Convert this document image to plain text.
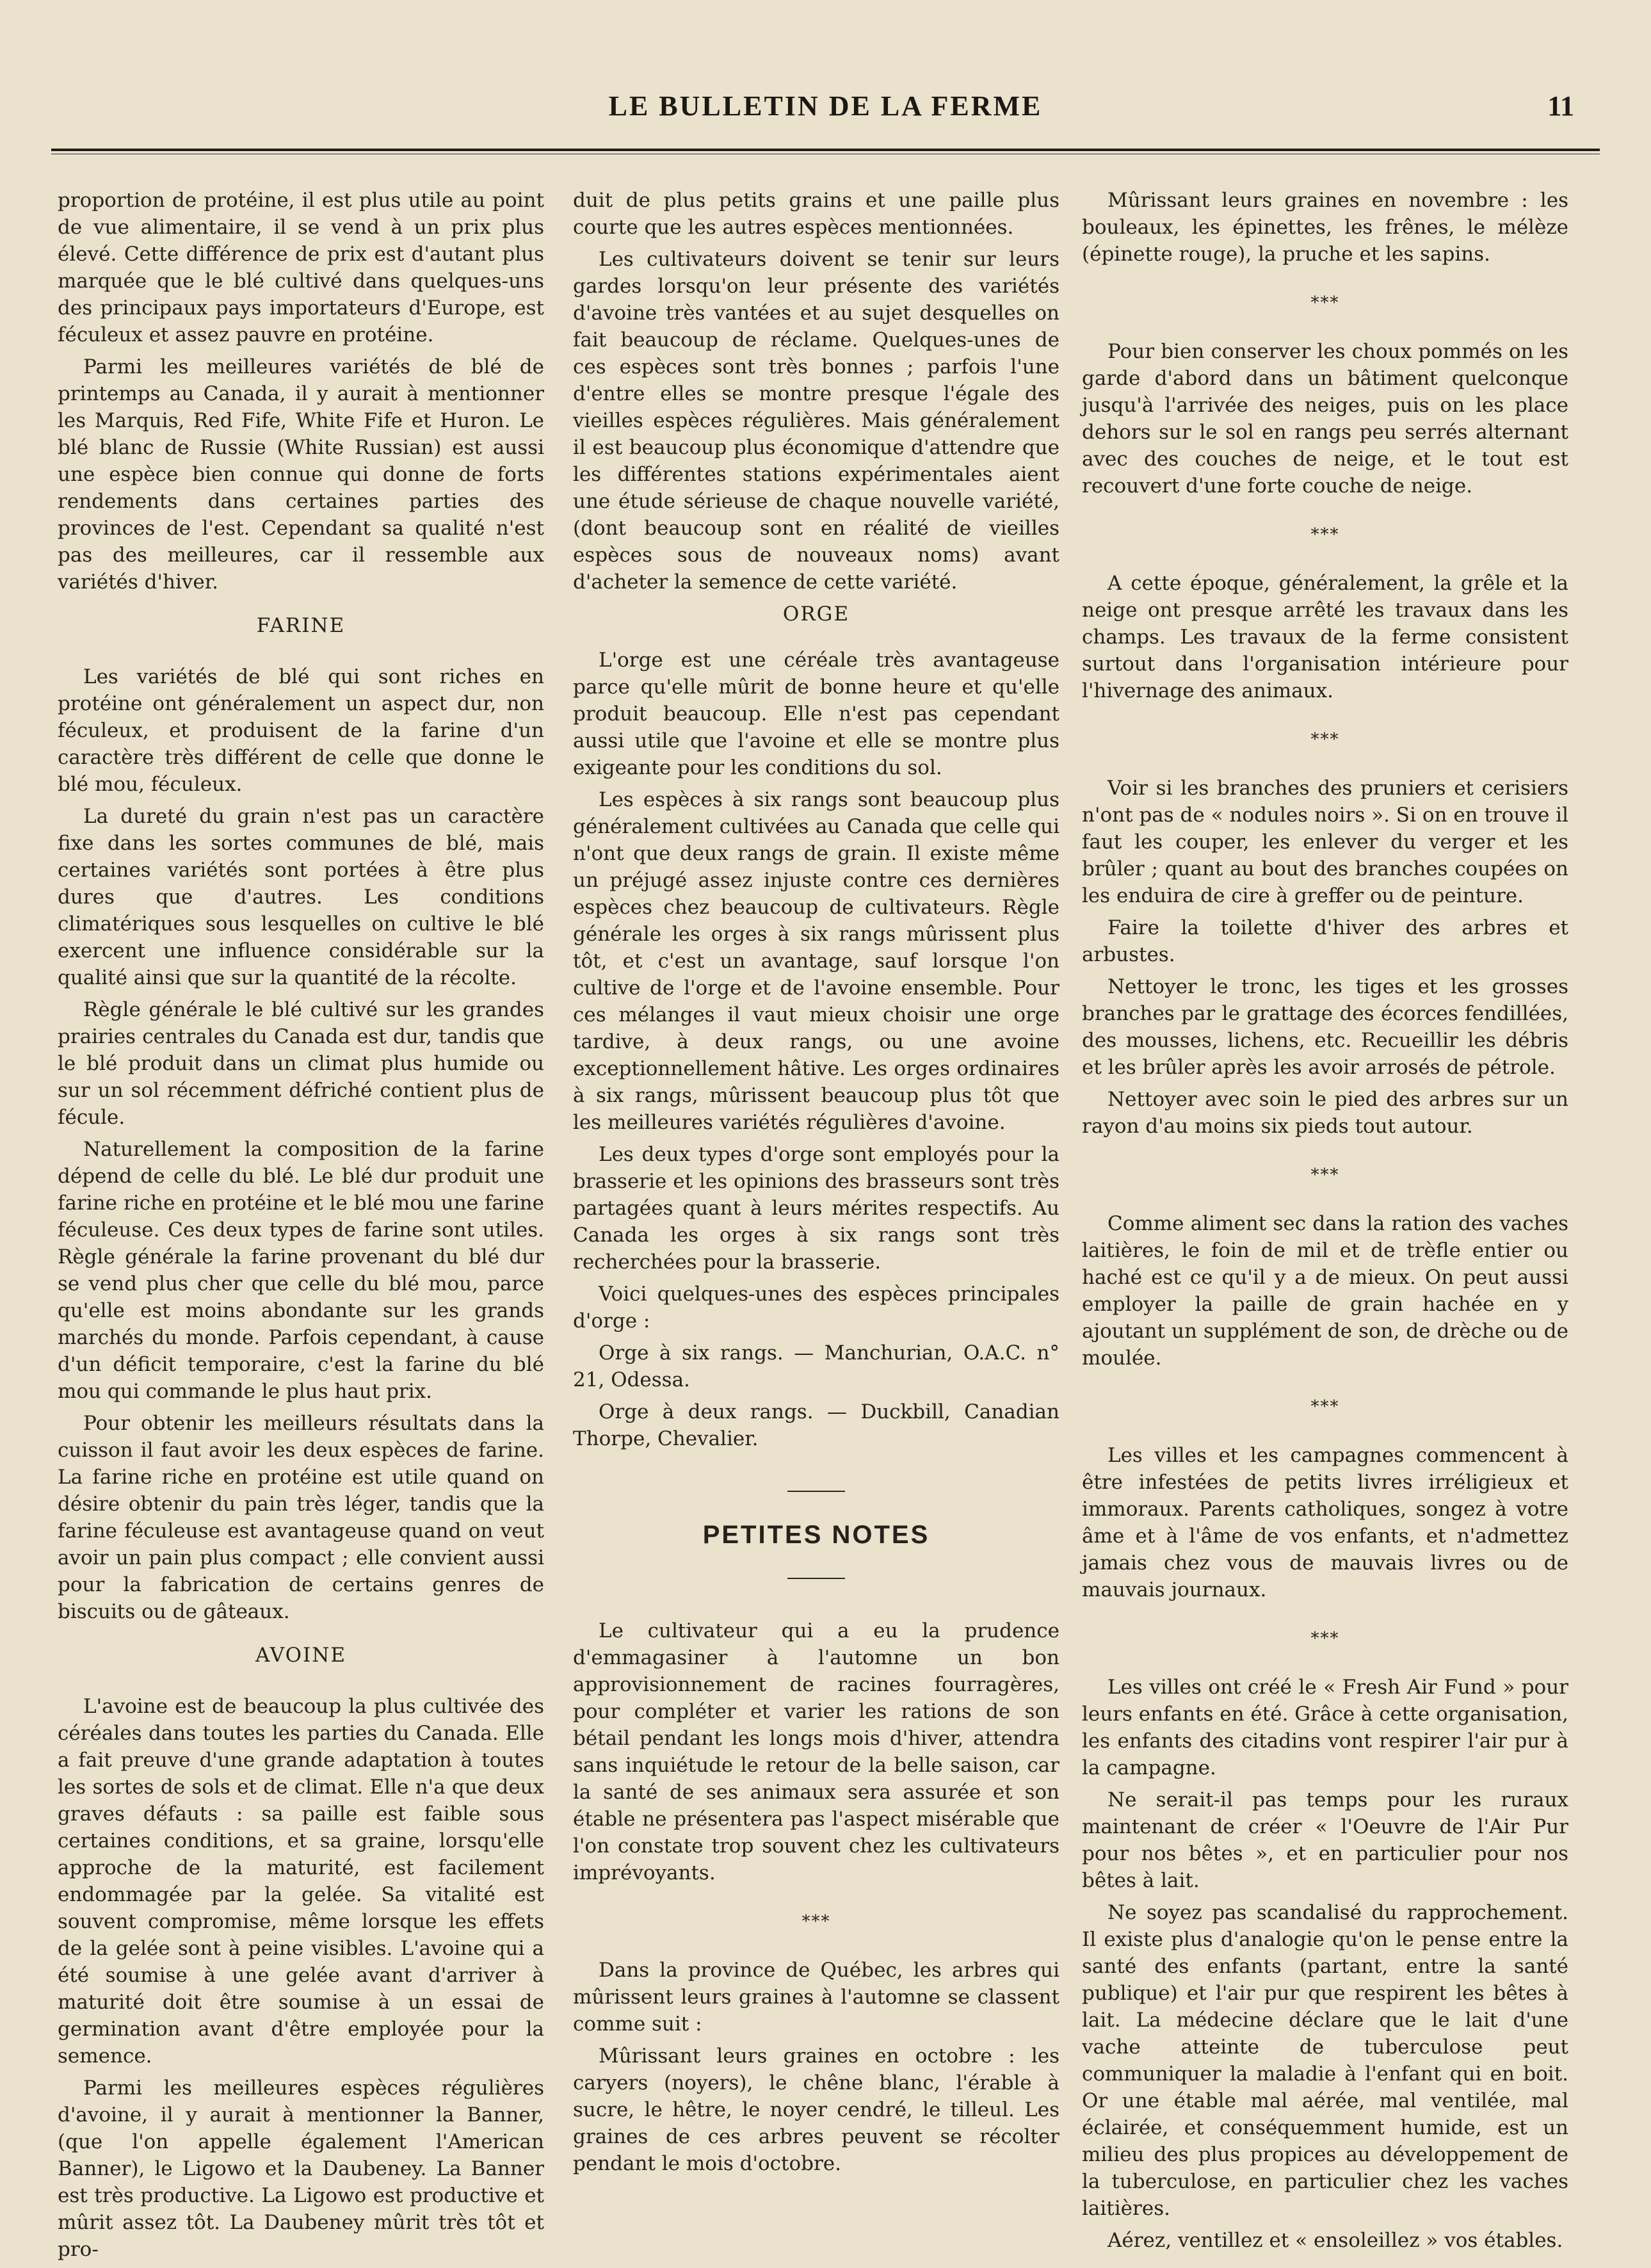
LE BULLETIN DE LA FERME	11

proportion de protéine, il est plus utile au point de vue alimentaire, il se vend à un prix plus élevé. Cette différence de prix est d'autant plus marquée que le blé cultivé dans quelques-uns des principaux pays importateurs d'Europe, est féculeux et assez pauvre en protéine.

Parmi les meilleures variétés de blé de printemps au Canada, il y aurait à mentionner les Marquis, Red Fife, White Fife et Huron. Le blé blanc de Russie (White Russian) est aussi une espèce bien connue qui donne de forts rendements dans certaines parties des provinces de l'est. Cependant sa qualité n'est pas des meilleures, car il ressemble aux variétés d'hiver.

FARINE

Les variétés de blé qui sont riches en protéine ont généralement un aspect dur, non féculeux, et produisent de la farine d'un caractère très différent de celle que donne le blé mou, féculeux.

La dureté du grain n'est pas un caractère fixe dans les sortes communes de blé, mais certaines variétés sont portées à être plus dures que d'autres. Les conditions climatériques sous lesquelles on cultive le blé exercent une influence considérable sur la qualité ainsi que sur la quantité de la récolte.

Règle générale le blé cultivé sur les grandes prairies centrales du Canada est dur, tandis que le blé produit dans un climat plus humide ou sur un sol récemment défriché contient plus de fécule.

Naturellement la composition de la farine dépend de celle du blé. Le blé dur produit une farine riche en protéine et le blé mou une farine féculeuse. Ces deux types de farine sont utiles. Règle générale la farine provenant du blé dur se vend plus cher que celle du blé mou, parce qu'elle est moins abondante sur les grands marchés du monde. Parfois cependant, à cause d'un déficit temporaire, c'est la farine du blé mou qui commande le plus haut prix.

Pour obtenir les meilleurs résultats dans la cuisson il faut avoir les deux espèces de farine. La farine riche en protéine est utile quand on désire obtenir du pain très léger, tandis que la farine féculeuse est avantageuse quand on veut avoir un pain plus compact ; elle convient aussi pour la fabrication de certains genres de biscuits ou de gâteaux.

AVOINE

L'avoine est de beaucoup la plus cultivée des céréales dans toutes les parties du Canada. Elle a fait preuve d'une grande adaptation à toutes les sortes de sols et de climat. Elle n'a que deux graves défauts : sa paille est faible sous certaines conditions, et sa graine, lorsqu'elle approche de la maturité, est facilement endommagée par la gelée. Sa vitalité est souvent compromise, même lorsque les effets de la gelée sont à peine visibles. L'avoine qui a été soumise à une gelée avant d'arriver à maturité doit être soumise à un essai de germination avant d'être employée pour la semence.

Parmi les meilleures espèces régulières d'avoine, il y aurait à mentionner la Banner, (que l'on appelle également l'American Banner), le Ligowo et la Daubeney. La Banner est très productive. La Ligowo est productive et mûrit assez tôt. La Daubeney mûrit très tôt et pro-

duit de plus petits grains et une paille plus courte que les autres espèces mentionnées.

Les cultivateurs doivent se tenir sur leurs gardes lorsqu'on leur présente des variétés d'avoine très vantées et au sujet desquelles on fait beaucoup de réclame. Quelques-unes de ces espèces sont très bonnes ; parfois l'une d'entre elles se montre presque l'égale des vieilles espèces régulières. Mais généralement il est beaucoup plus économique d'attendre que les différentes stations expérimentales aient une étude sérieuse de chaque nouvelle variété, (dont beaucoup sont en réalité de vieilles espèces sous de nouveaux noms) avant d'acheter la semence de cette variété.

ORGE

L'orge est une céréale très avantageuse parce qu'elle mûrit de bonne heure et qu'elle produit beaucoup. Elle n'est pas cependant aussi utile que l'avoine et elle se montre plus exigeante pour les conditions du sol.

Les espèces à six rangs sont beaucoup plus généralement cultivées au Canada que celle qui n'ont que deux rangs de grain. Il existe même un préjugé assez injuste contre ces dernières espèces chez beaucoup de cultivateurs. Règle générale les orges à six rangs mûrissent plus tôt, et c'est un avantage, sauf lorsque l'on cultive de l'orge et de l'avoine ensemble. Pour ces mélanges il vaut mieux choisir une orge tardive, à deux rangs, ou une avoine exceptionnellement hâtive. Les orges ordinaires à six rangs, mûrissent beaucoup plus tôt que les meilleures variétés régulières d'avoine.

Les deux types d'orge sont employés pour la brasserie et les opinions des brasseurs sont très partagées quant à leurs mérites respectifs. Au Canada les orges à six rangs sont très recherchées pour la brasserie.

Voici quelques-unes des espèces principales d'orge :

Orge à six rangs. — Manchurian, O.A.C. n° 21, Odessa.

Orge à deux rangs. — Duckbill, Canadian Thorpe, Chevalier.

PETITES NOTES

Le cultivateur qui a eu la prudence d'emmagasiner à l'automne un bon approvisionnement de racines fourragères, pour compléter et varier les rations de son bétail pendant les longs mois d'hiver, attendra sans inquiétude le retour de la belle saison, car la santé de ses animaux sera assurée et son étable ne présentera pas l'aspect misérable que l'on constate trop souvent chez les cultivateurs imprévoyants.

***

Dans la province de Québec, les arbres qui mûrissent leurs graines à l'automne se classent comme suit :

Mûrissant leurs graines en octobre : les caryers (noyers), le chêne blanc, l'érable à sucre, le hêtre, le noyer cendré, le tilleul. Les graines de ces arbres peuvent se récolter pendant le mois d'octobre.

Mûrissant leurs graines en novembre : les bouleaux, les épinettes, les frênes, le mélèze (épinette rouge), la pruche et les sapins.

***

Pour bien conserver les choux pommés on les garde d'abord dans un bâtiment quelconque jusqu'à l'arrivée des neiges, puis on les place dehors sur le sol en rangs peu serrés alternant avec des couches de neige, et le tout est recouvert d'une forte couche de neige.

***

A cette époque, généralement, la grêle et la neige ont presque arrêté les travaux dans les champs. Les travaux de la ferme consistent surtout dans l'organisation intérieure pour l'hivernage des animaux.

***

Voir si les branches des pruniers et cerisiers n'ont pas de « nodules noirs ». Si on en trouve il faut les couper, les enlever du verger et les brûler ; quant au bout des branches coupées on les enduira de cire à greffer ou de peinture.

Faire la toilette d'hiver des arbres et arbustes.

Nettoyer le tronc, les tiges et les grosses branches par le grattage des écorces fendillées, des mousses, lichens, etc. Recueillir les débris et les brûler après les avoir arrosés de pétrole.

Nettoyer avec soin le pied des arbres sur un rayon d'au moins six pieds tout autour.

***

Comme aliment sec dans la ration des vaches laitières, le foin de mil et de trèfle entier ou haché est ce qu'il y a de mieux. On peut aussi employer la paille de grain hachée en y ajoutant un supplément de son, de drèche ou de moulée.

***

Les villes et les campagnes commencent à être infestées de petits livres irréligieux et immoraux. Parents catholiques, songez à votre âme et à l'âme de vos enfants, et n'admettez jamais chez vous de mauvais livres ou de mauvais journaux.

***

Les villes ont créé le « Fresh Air Fund » pour leurs enfants en été. Grâce à cette organisation, les enfants des citadins vont respirer l'air pur à la campagne.

Ne serait-il pas temps pour les ruraux maintenant de créer « l'Oeuvre de l'Air Pur pour nos bêtes », et en particulier pour nos bêtes à lait.

Ne soyez pas scandalisé du rapprochement. Il existe plus d'analogie qu'on le pense entre la santé des enfants (partant, entre la santé publique) et l'air pur que respirent les bêtes à lait. La médecine déclare que le lait d'une vache atteinte de tuberculose peut communiquer la maladie à l'enfant qui en boit. Or une étable mal aérée, mal ventilée, mal éclairée, et conséquemment humide, est un milieu des plus propices au développement de la tuberculose, en particulier chez les vaches laitières.

Aérez, ventillez et « ensoleillez » vos étables.
